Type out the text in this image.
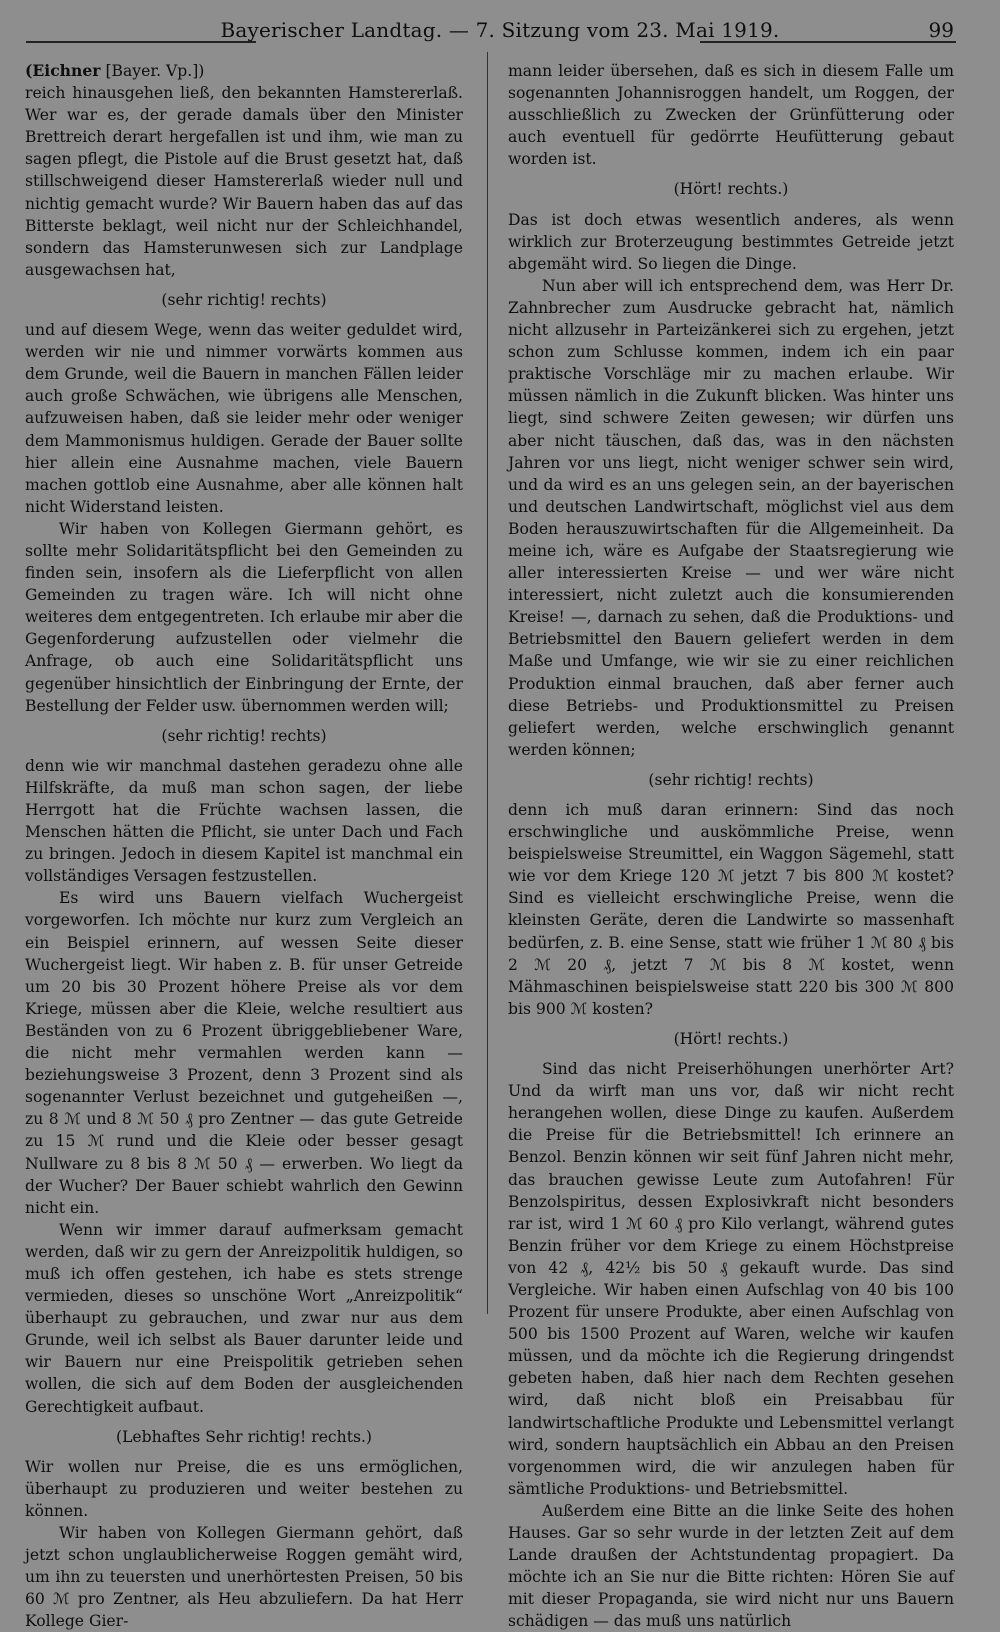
Bayerischer Landtag. — 7. Sitzung vom 23. Mai 1919.	99

(Eichner [Bayer. Vp.])

reich hinausgehen ließ, den bekannten Hamstererlaß. Wer war es, der gerade damals über den Minister Brettreich derart hergefallen ist und ihm, wie man zu sagen pflegt, die Pistole auf die Brust gesetzt hat, daß stillschweigend dieser Hamstererlaß wieder null und nichtig gemacht wurde? Wir Bauern haben das auf das Bitterste beklagt, weil nicht nur der Schleichhandel, sondern das Hamsterunwesen sich zur Landplage ausgewachsen hat,

(sehr richtig! rechts)

und auf diesem Wege, wenn das weiter geduldet wird, werden wir nie und nimmer vorwärts kommen aus dem Grunde, weil die Bauern in manchen Fällen leider auch große Schwächen, wie übrigens alle Menschen, aufzuweisen haben, daß sie leider mehr oder weniger dem Mammonismus huldigen. Gerade der Bauer sollte hier allein eine Ausnahme machen, viele Bauern machen gottlob eine Ausnahme, aber alle können halt nicht Widerstand leisten.

Wir haben von Kollegen Giermann gehört, es sollte mehr Solidaritätspflicht bei den Gemeinden zu finden sein, insofern als die Lieferpflicht von allen Gemeinden zu tragen wäre. Ich will nicht ohne weiteres dem entgegentreten. Ich erlaube mir aber die Gegenforderung aufzustellen oder vielmehr die Anfrage, ob auch eine Solidaritätspflicht uns gegenüber hinsichtlich der Einbringung der Ernte, der Bestellung der Felder usw. übernommen werden will;

(sehr richtig! rechts)

denn wie wir manchmal dastehen geradezu ohne alle Hilfskräfte, da muß man schon sagen, der liebe Herrgott hat die Früchte wachsen lassen, die Menschen hätten die Pflicht, sie unter Dach und Fach zu bringen. Jedoch in diesem Kapitel ist manchmal ein vollständiges Versagen festzustellen.

Es wird uns Bauern vielfach Wuchergeist vorgeworfen. Ich möchte nur kurz zum Vergleich an ein Beispiel erinnern, auf wessen Seite dieser Wuchergeist liegt. Wir haben z. B. für unser Getreide um 20 bis 30 Prozent höhere Preise als vor dem Kriege, müssen aber die Kleie, welche resultiert aus Beständen von zu 6 Prozent übriggebliebener Ware, die nicht mehr vermahlen werden kann — beziehungsweise 3 Prozent, denn 3 Prozent sind als sogenannter Verlust bezeichnet und gutgeheißen —, zu 8 ℳ und 8 ℳ 50 ₰ pro Zentner — das gute Getreide zu 15 ℳ rund und die Kleie oder besser gesagt Nullware zu 8 bis 8 ℳ 50 ₰ — erwerben. Wo liegt da der Wucher? Der Bauer schiebt wahrlich den Gewinn nicht ein.

Wenn wir immer darauf aufmerksam gemacht werden, daß wir zu gern der Anreizpolitik huldigen, so muß ich offen gestehen, ich habe es stets strenge vermieden, dieses so unschöne Wort „Anreizpolitik“ überhaupt zu gebrauchen, und zwar nur aus dem Grunde, weil ich selbst als Bauer darunter leide und wir Bauern nur eine Preispolitik getrieben sehen wollen, die sich auf dem Boden der ausgleichenden Gerechtigkeit aufbaut.

(Lebhaftes Sehr richtig! rechts.)

Wir wollen nur Preise, die es uns ermöglichen, überhaupt zu produzieren und weiter bestehen zu können.

Wir haben von Kollegen Giermann gehört, daß jetzt schon unglaublicherweise Roggen gemäht wird, um ihn zu teuersten und unerhörtesten Preisen, 50 bis 60 ℳ pro Zentner, als Heu abzuliefern. Da hat Herr Kollege Gier-

mann leider übersehen, daß es sich in diesem Falle um sogenannten Johannisroggen handelt, um Roggen, der ausschließlich zu Zwecken der Grünfütterung oder auch eventuell für gedörrte Heufütterung gebaut worden ist.

(Hört! rechts.)

Das ist doch etwas wesentlich anderes, als wenn wirklich zur Broterzeugung bestimmtes Getreide jetzt abgemäht wird. So liegen die Dinge.

Nun aber will ich entsprechend dem, was Herr Dr. Zahnbrecher zum Ausdrucke gebracht hat, nämlich nicht allzusehr in Parteizänkerei sich zu ergehen, jetzt schon zum Schlusse kommen, indem ich ein paar praktische Vorschläge mir zu machen erlaube. Wir müssen nämlich in die Zukunft blicken. Was hinter uns liegt, sind schwere Zeiten gewesen; wir dürfen uns aber nicht täuschen, daß das, was in den nächsten Jahren vor uns liegt, nicht weniger schwer sein wird, und da wird es an uns gelegen sein, an der bayerischen und deutschen Landwirtschaft, möglichst viel aus dem Boden herauszuwirtschaften für die Allgemeinheit. Da meine ich, wäre es Aufgabe der Staatsregierung wie aller interessierten Kreise — und wer wäre nicht interessiert, nicht zuletzt auch die konsumierenden Kreise! —, darnach zu sehen, daß die Produktions- und Betriebsmittel den Bauern geliefert werden in dem Maße und Umfange, wie wir sie zu einer reichlichen Produktion einmal brauchen, daß aber ferner auch diese Betriebs- und Produktionsmittel zu Preisen geliefert werden, welche erschwinglich genannt werden können;

(sehr richtig! rechts)

denn ich muß daran erinnern: Sind das noch erschwingliche und auskömmliche Preise, wenn beispielsweise Streumittel, ein Waggon Sägemehl, statt wie vor dem Kriege 120 ℳ jetzt 7 bis 800 ℳ kostet? Sind es vielleicht erschwingliche Preise, wenn die kleinsten Geräte, deren die Landwirte so massenhaft bedürfen, z. B. eine Sense, statt wie früher 1 ℳ 80 ₰ bis 2 ℳ 20 ₰, jetzt 7 ℳ bis 8 ℳ kostet, wenn Mähmaschinen beispielsweise statt 220 bis 300 ℳ 800 bis 900 ℳ kosten?

(Hört! rechts.)

Sind das nicht Preiserhöhungen unerhörter Art? Und da wirft man uns vor, daß wir nicht recht herangehen wollen, diese Dinge zu kaufen. Außerdem die Preise für die Betriebsmittel! Ich erinnere an Benzol. Benzin können wir seit fünf Jahren nicht mehr, das brauchen gewisse Leute zum Autofahren! Für Benzolspiritus, dessen Explosivkraft nicht besonders rar ist, wird 1 ℳ 60 ₰ pro Kilo verlangt, während gutes Benzin früher vor dem Kriege zu einem Höchstpreise von 42 ₰, 42½ bis 50 ₰ gekauft wurde. Das sind Vergleiche. Wir haben einen Aufschlag von 40 bis 100 Prozent für unsere Produkte, aber einen Aufschlag von 500 bis 1500 Prozent auf Waren, welche wir kaufen müssen, und da möchte ich die Regierung dringendst gebeten haben, daß hier nach dem Rechten gesehen wird, daß nicht bloß ein Preisabbau für landwirtschaftliche Produkte und Lebensmittel verlangt wird, sondern hauptsächlich ein Abbau an den Preisen vorgenommen wird, die wir anzulegen haben für sämtliche Produktions- und Betriebsmittel.

Außerdem eine Bitte an die linke Seite des hohen Hauses. Gar so sehr wurde in der letzten Zeit auf dem Lande draußen der Achtstundentag propagiert. Da möchte ich an Sie nur die Bitte richten: Hören Sie auf mit dieser Propaganda, sie wird nicht nur uns Bauern schädigen — das muß uns natürlich
